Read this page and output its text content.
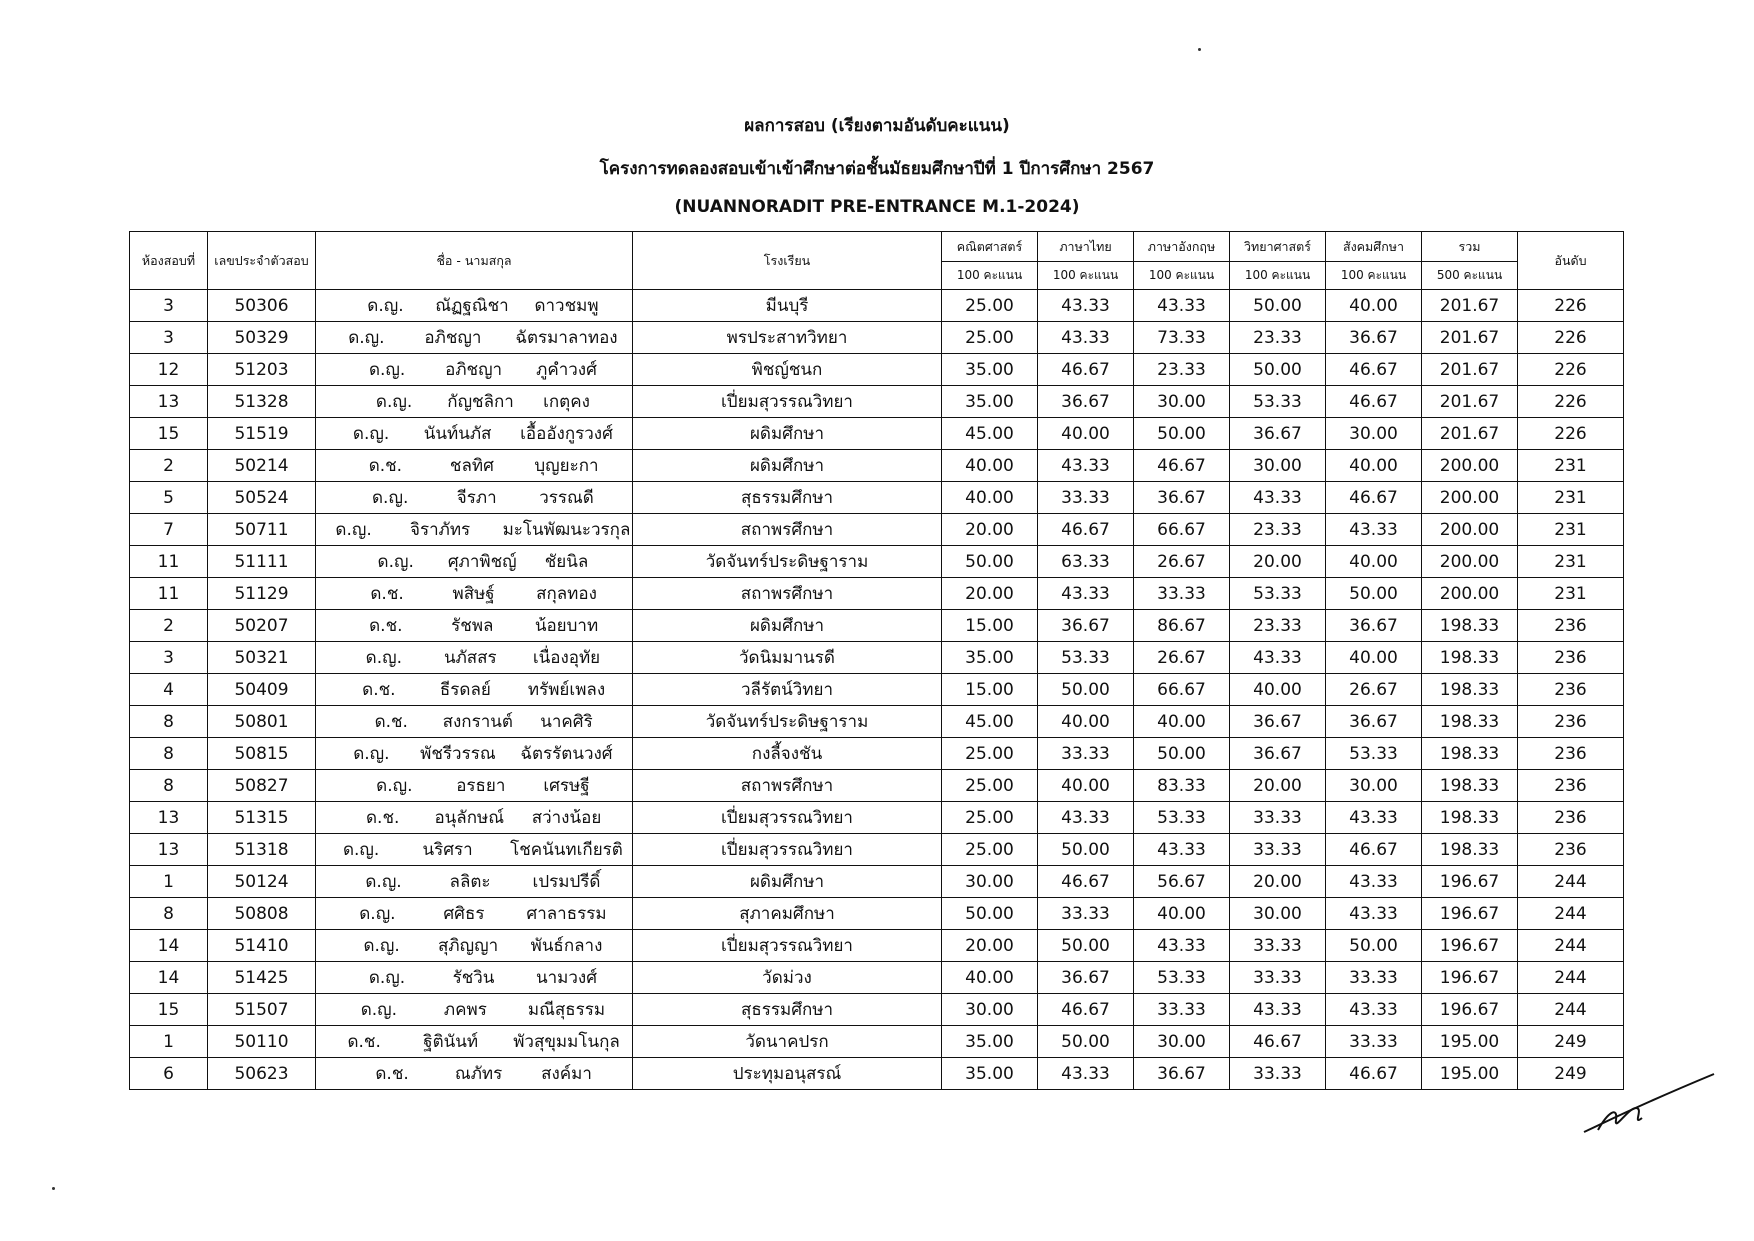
ผลการสอบ (เรียงตามอันดับคะแนน)
โครงการทดลองสอบเข้าเข้าศึกษาต่อชั้นมัธยมศึกษาปีที่ 1 ปีการศึกษา 2567
(NUANNORADIT PRE-ENTRANCE M.1-2024)
ห้องสอบที่	เลขประจำตัวสอบ	ชื่อ - นามสกุล	โรงเรียน	คณิตศาสตร์	ภาษาไทย	ภาษาอังกฤษ	วิทยาศาสตร์	สังคมศึกษา	รวม	อันดับ
				100 คะแนน	100 คะแนน	100 คะแนน	100 คะแนน	100 คะแนน	500 คะแนน	
3	50306	ด.ญ. ณัฏฐณิชา ดาวชมพู	มีนบุรี	25.00	43.33	43.33	50.00	40.00	201.67	226
3	50329	ด.ญ. อภิชญา ฉัตรมาลาทอง	พรประสาทวิทยา	25.00	43.33	73.33	23.33	36.67	201.67	226
12	51203	ด.ญ. อภิชญา ภูคำวงศ์	พิชญ์ชนก	35.00	46.67	23.33	50.00	46.67	201.67	226
13	51328	ด.ญ. กัญชลิกา เกตุคง	เปี่ยมสุวรรณวิทยา	35.00	36.67	30.00	53.33	46.67	201.67	226
15	51519	ด.ญ. นันท์นภัส เอื้ออังกูรวงศ์	ผดิมศึกษา	45.00	40.00	50.00	36.67	30.00	201.67	226
2	50214	ด.ช. ชลทิศ บุญยะกา	ผดิมศึกษา	40.00	43.33	46.67	30.00	40.00	200.00	231
5	50524	ด.ญ. จีรภา วรรณดี	สุธรรมศึกษา	40.00	33.33	36.67	43.33	46.67	200.00	231
7	50711	ด.ญ. จิราภัทร มะโนพัฒนะวรกุล	สถาพรศึกษา	20.00	46.67	66.67	23.33	43.33	200.00	231
11	51111	ด.ญ. ศุภาพิชญ์ ชัยนิล	วัดจันทร์ประดิษฐาราม	50.00	63.33	26.67	20.00	40.00	200.00	231
11	51129	ด.ช. พสิษฐ์ สกุลทอง	สถาพรศึกษา	20.00	43.33	33.33	53.33	50.00	200.00	231
2	50207	ด.ช. รัชพล น้อยบาท	ผดิมศึกษา	15.00	36.67	86.67	23.33	36.67	198.33	236
3	50321	ด.ญ. นภัสสร เนื่องอุทัย	วัดนิมมานรดี	35.00	53.33	26.67	43.33	40.00	198.33	236
4	50409	ด.ช. ธีรดลย์ ทรัพย์เพลง	วลีรัตน์วิทยา	15.00	50.00	66.67	40.00	26.67	198.33	236
8	50801	ด.ช. สงกรานต์ นาคศิริ	วัดจันทร์ประดิษฐาราม	45.00	40.00	40.00	36.67	36.67	198.33	236
8	50815	ด.ญ. พัชรีวรรณ ฉัตรรัตนวงศ์	กงลี้จงชัน	25.00	33.33	50.00	36.67	53.33	198.33	236
8	50827	ด.ญ. อรธยา เศรษฐี	สถาพรศึกษา	25.00	40.00	83.33	20.00	30.00	198.33	236
13	51315	ด.ช. อนุลักษณ์ สว่างน้อย	เปี่ยมสุวรรณวิทยา	25.00	43.33	53.33	33.33	43.33	198.33	236
13	51318	ด.ญ. นริศรา โชคนันทเกียรติ	เปี่ยมสุวรรณวิทยา	25.00	50.00	43.33	33.33	46.67	198.33	236
1	50124	ด.ญ. ลลิตะ เปรมปรีดิ์	ผดิมศึกษา	30.00	46.67	56.67	20.00	43.33	196.67	244
8	50808	ด.ญ. ศศิธร ศาลาธรรม	สุภาคมศึกษา	50.00	33.33	40.00	30.00	43.33	196.67	244
14	51410	ด.ญ. สุภิญญา พันธ์กลาง	เปี่ยมสุวรรณวิทยา	20.00	50.00	43.33	33.33	50.00	196.67	244
14	51425	ด.ญ. รัชวิน นามวงศ์	วัดม่วง	40.00	36.67	53.33	33.33	33.33	196.67	244
15	51507	ด.ญ. ภคพร มณีสุธรรม	สุธรรมศึกษา	30.00	46.67	33.33	43.33	43.33	196.67	244
1	50110	ด.ช. ฐิตินันท์ พัวสุขุมมโนกุล	วัดนาคปรก	35.00	50.00	30.00	46.67	33.33	195.00	249
6	50623	ด.ช. ณภัทร สงค์มา	ประทุมอนุสรณ์	35.00	43.33	36.67	33.33	46.67	195.00	249
